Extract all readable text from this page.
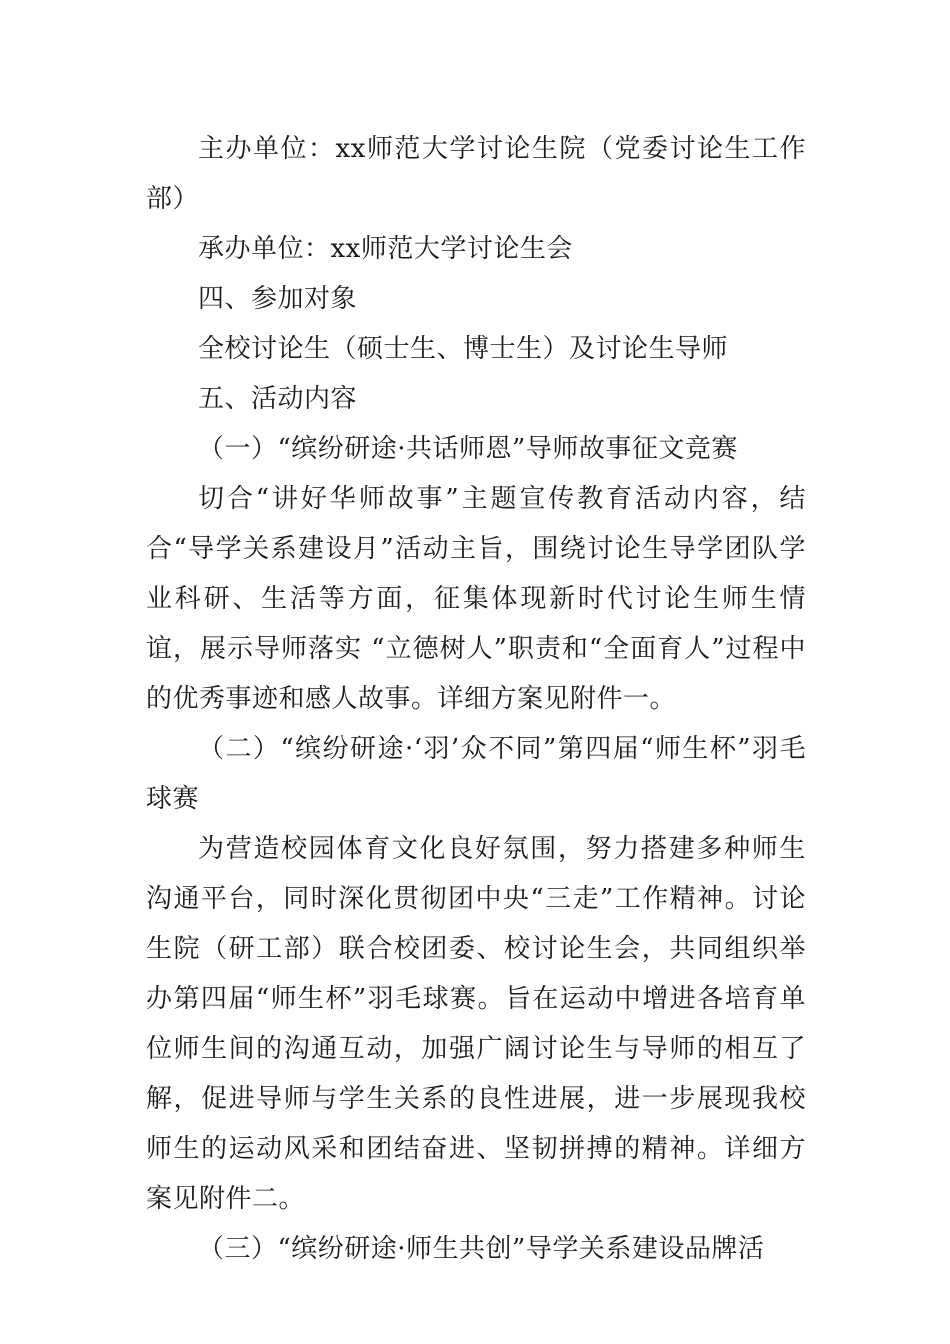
主办单位：xx师范大学讨论生院（党委讨论生工作部）

承办单位：xx师范大学讨论生会

四、参加对象

全校讨论生（硕士生、博士生）及讨论生导师

五、活动内容

（一）“缤纷研途·共话师恩”导师故事征文竞赛

切合“讲好华师故事”主题宣传教育活动内容，结合“导学关系建设月”活动主旨，围绕讨论生导学团队学业科研、生活等方面，征集体现新时代讨论生师生情谊，展示导师落实 “立德树人”职责和“全面育人”过程中的优秀事迹和感人故事。详细方案见附件一。

（二）“缤纷研途·‘羽’众不同”第四届“师生杯”羽毛球赛

为营造校园体育文化良好氛围，努力搭建多种师生沟通平台，同时深化贯彻团中央“三走”工作精神。讨论生院（研工部）联合校团委、校讨论生会，共同组织举办第四届“师生杯”羽毛球赛。旨在运动中增进各培育单位师生间的沟通互动，加强广阔讨论生与导师的相互了解，促进导师与学生关系的良性进展，进一步展现我校师生的运动风采和团结奋进、坚韧拼搏的精神。详细方案见附件二。

（三）“缤纷研途·师生共创”导学关系建设品牌活
